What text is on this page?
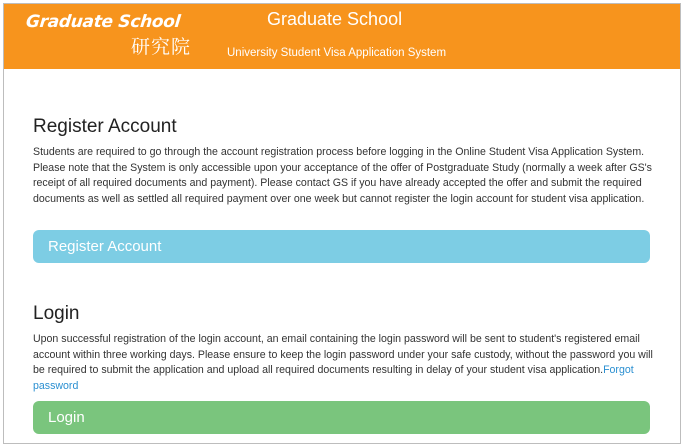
Graduate School
研究院
Graduate School
University Student Visa Application System
Register Account

Students are required to go through the account registration process before logging in the Online Student Visa Application System. Please note that the System is only accessible upon your acceptance of the offer of Postgraduate Study (normally a week after GS's receipt of all required documents and payment). Please contact GS if you have already accepted the offer and submit the required documents as well as settled all required payment over one week but cannot register the login account for student visa application.

Register Account
Login

Upon successful registration of the login account, an email containing the login password will be sent to student's registered email account within three working days. Please ensure to keep the login password under your safe custody, without the password you will be required to submit the application and upload all required documents resulting in delay of your student visa application.Forgot password

Login
